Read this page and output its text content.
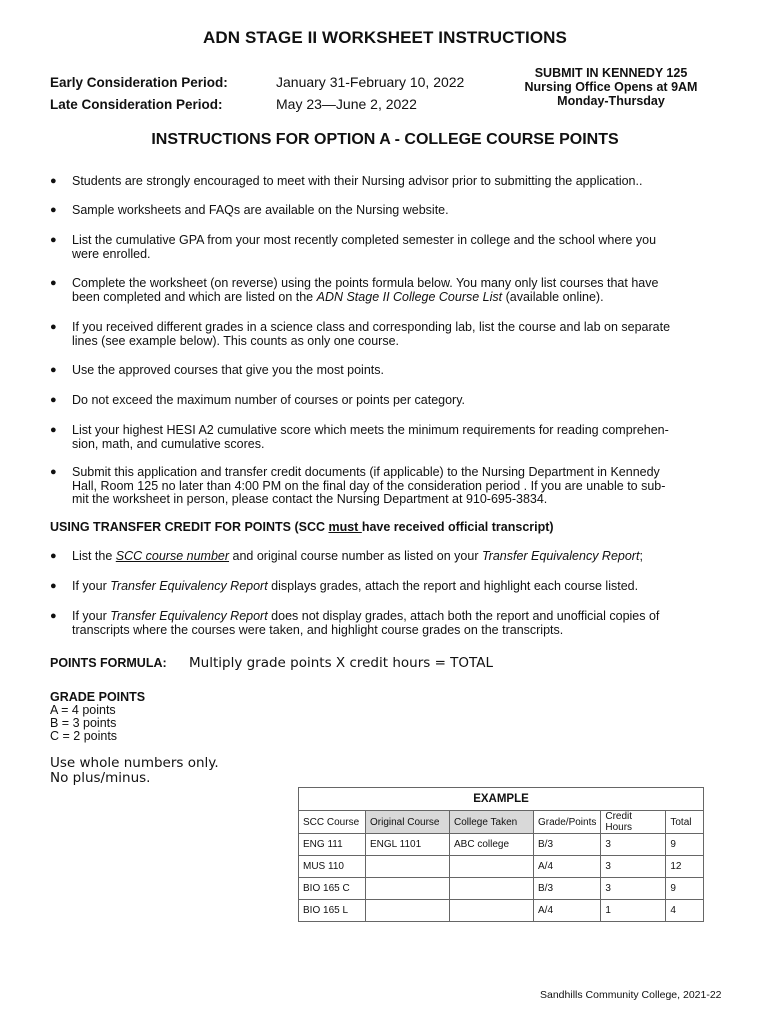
ADN STAGE II WORKSHEET INSTRUCTIONS
Early Consideration Period:	January 31-February 10, 2022
Late Consideration Period:	May 23—June 2, 2022
SUBMIT IN KENNEDY 125
Nursing Office Opens at 9AM
Monday-Thursday
INSTRUCTIONS FOR OPTION A - COLLEGE COURSE POINTS
● Students are strongly encouraged to meet with their Nursing advisor prior to submitting the application..
● Sample worksheets and FAQs are available on the Nursing website.
● List the cumulative GPA from your most recently completed semester in college and the school where you
were enrolled.
● Complete the worksheet (on reverse) using the points formula below. You many only list courses that have
been completed and which are listed on the ADN Stage II College Course List (available online).
● If you received different grades in a science class and corresponding lab, list the course and lab on separate
lines (see example below). This counts as only one course.
● Use the approved courses that give you the most points.
● Do not exceed the maximum number of courses or points per category.
● List your highest HESI A2 cumulative score which meets the minimum requirements for reading comprehen-
sion, math, and cumulative scores.
● Submit this application and transfer credit documents (if applicable) to the Nursing Department in Kennedy
Hall, Room 125 no later than 4:00 PM on the final day of the consideration period . If you are unable to sub-
mit the worksheet in person, please contact the Nursing Department at 910-695-3834.
USING TRANSFER CREDIT FOR POINTS (SCC must have received official transcript)
● List the SCC course number and original course number as listed on your Transfer Equivalency Report;
● If your Transfer Equivalency Report displays grades, attach the report and highlight each course listed.
● If your Transfer Equivalency Report does not display grades, attach both the report and unofficial copies of
transcripts where the courses were taken, and highlight course grades on the transcripts.
POINTS FORMULA: Multiply grade points X credit hours = TOTAL
GRADE POINTS
A = 4 points
B = 3 points
C = 2 points
Use whole numbers only.
No plus/minus.
EXAMPLE					
SCC Course	Original Course	College Taken	Grade/Points	Credit Hours	Total
ENG 111	ENGL 1101	ABC college	B/3	3	9
MUS 110			A/4	3	12
BIO 165 C			B/3	3	9
BIO 165 L			A/4	1	4
Sandhills Community College, 2021-22
